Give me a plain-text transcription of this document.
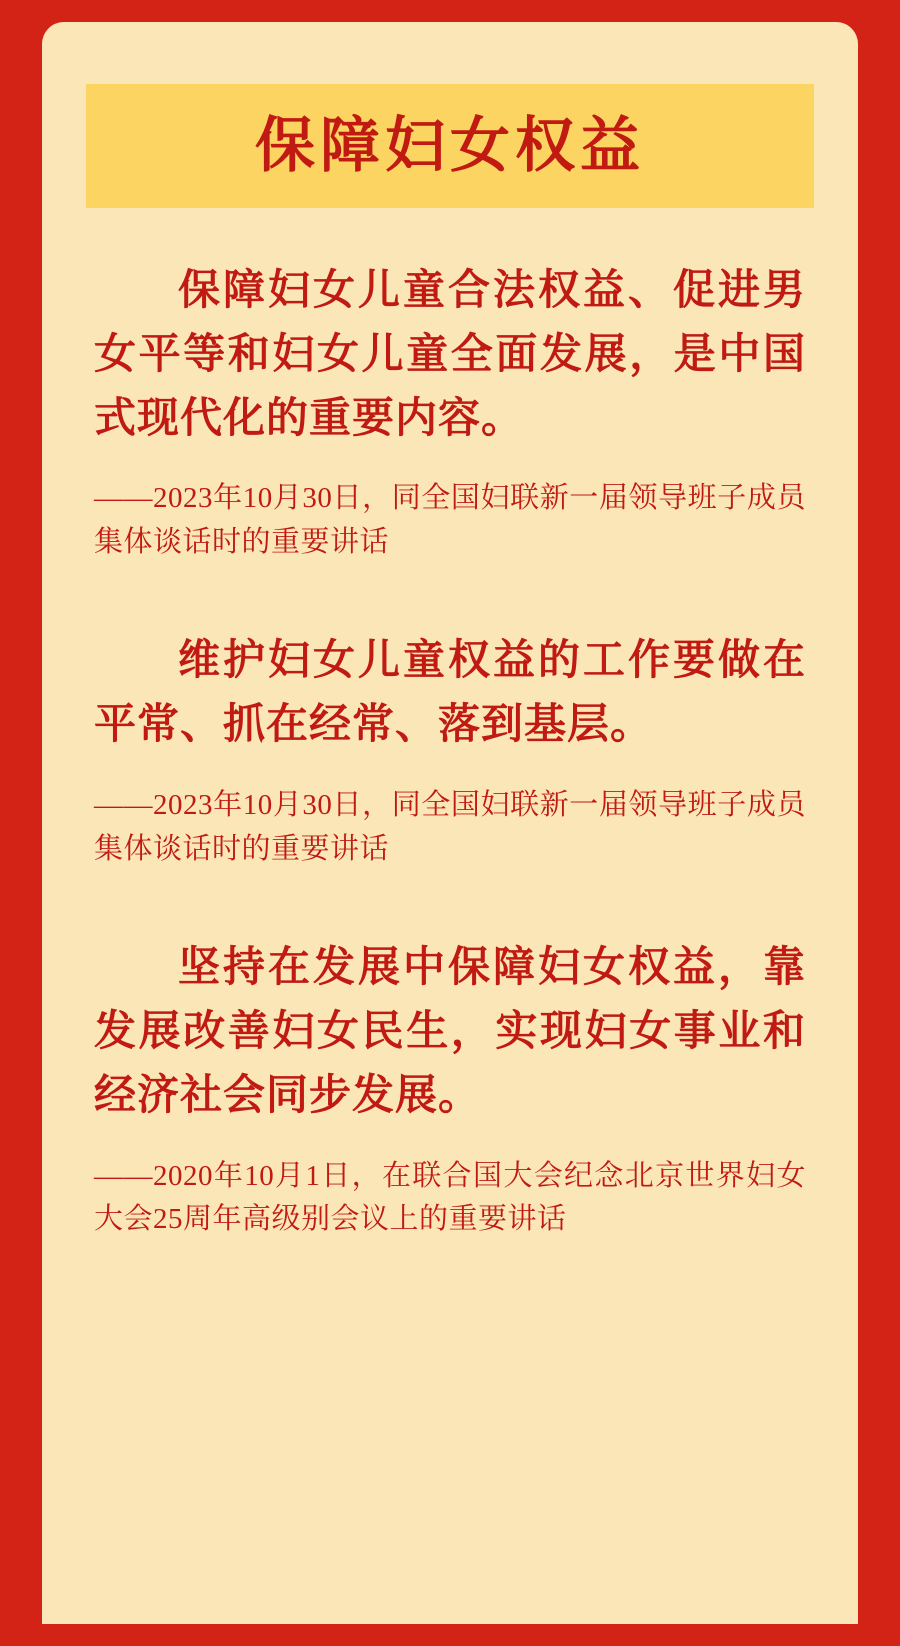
保障妇女权益
保障妇女儿童合法权益、促进男女平等和妇女儿童全面发展，是中国式现代化的重要内容。
——2023年10月30日，同全国妇联新一届领导班子成员集体谈话时的重要讲话
维护妇女儿童权益的工作要做在平常、抓在经常、落到基层。
——2023年10月30日，同全国妇联新一届领导班子成员集体谈话时的重要讲话
坚持在发展中保障妇女权益，靠发展改善妇女民生，实现妇女事业和经济社会同步发展。
——2020年10月1日，在联合国大会纪念北京世界妇女大会25周年高级别会议上的重要讲话
